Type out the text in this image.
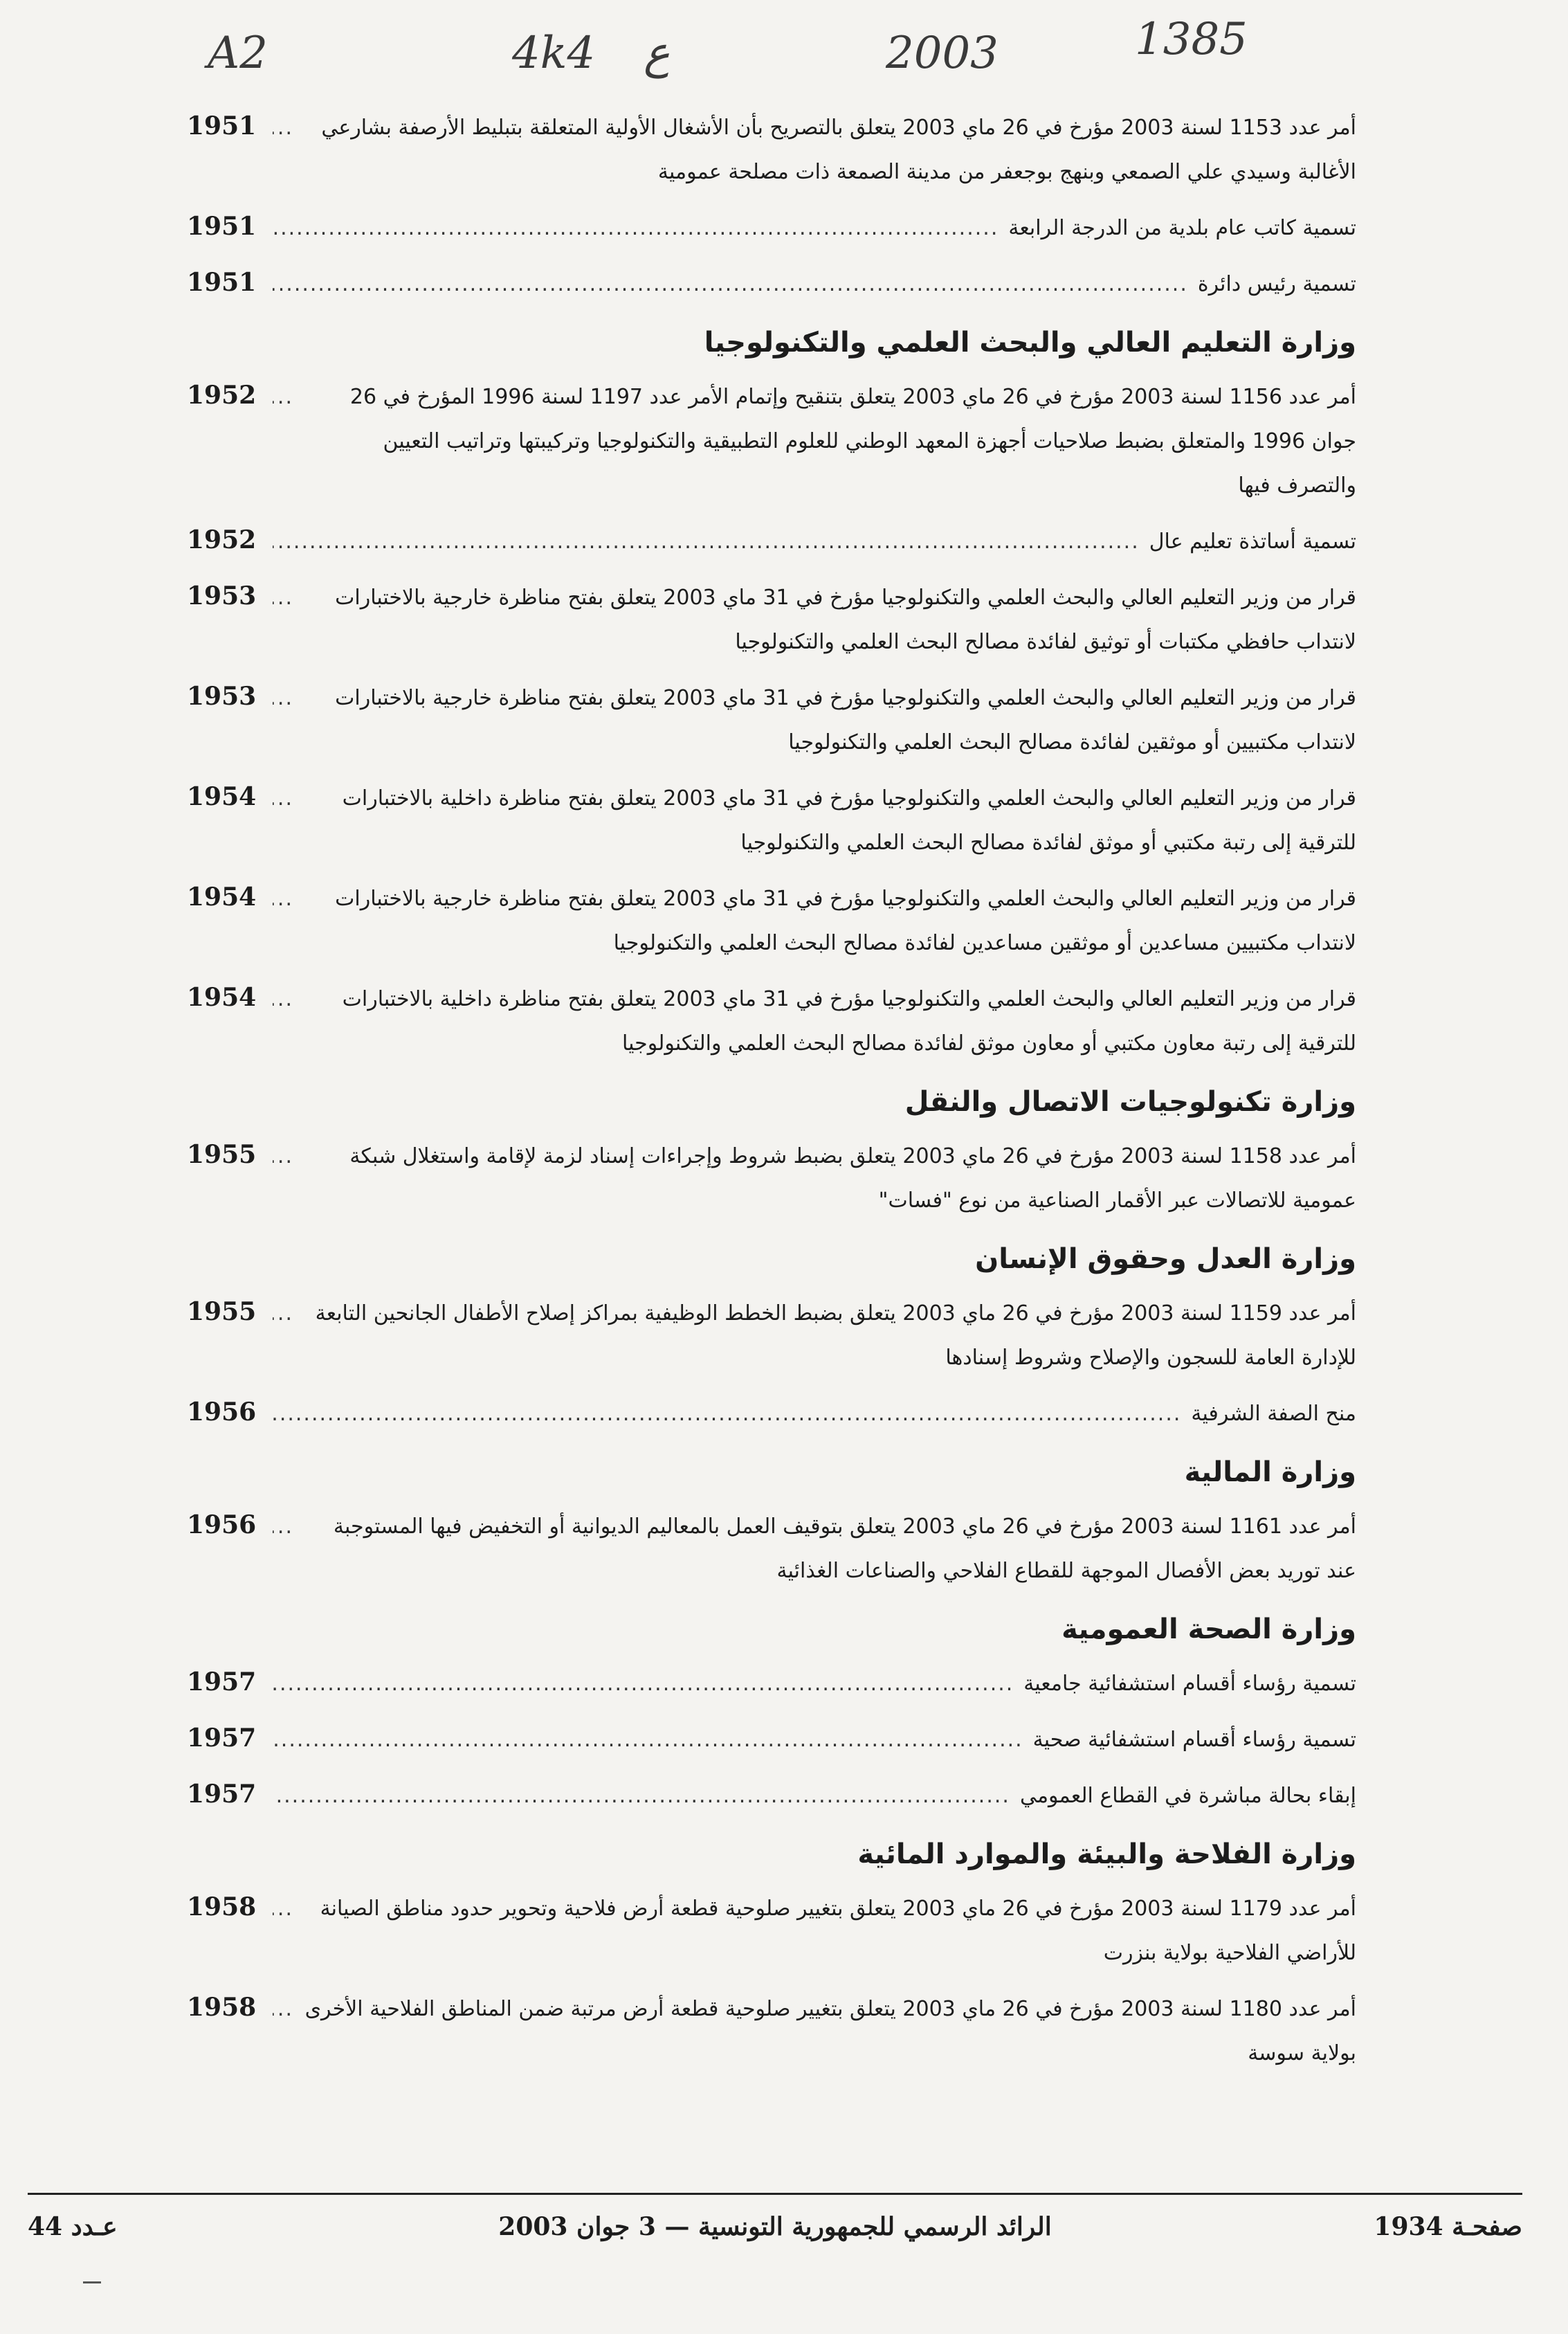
A2	4k4 ع	2003	1385
أمر عدد 1153 لسنة 2003 مؤرخ في 26 ماي 2003 يتعلق بالتصريح بأن الأشغال الأولية المتعلقة بتبليط الأرصفة بشارعي الأغالبة وسيدي علي الصمعي وبنهج بوجعفر من مدينة الصمعة ذات مصلحة عمومية
.....
1951
تسمية كاتب عام بلدية من الدرجة الرابعة
.....
1951
تسمية رئيس دائرة
.....
1951
وزارة التعليم العالي والبحث العلمي والتكنولوجيا
أمر عدد 1156 لسنة 2003 مؤرخ في 26 ماي 2003 يتعلق بتنقيح وإتمام الأمر عدد 1197 لسنة 1996 المؤرخ في 26 جوان 1996 والمتعلق بضبط صلاحيات أجهزة المعهد الوطني للعلوم التطبيقية والتكنولوجيا وتركيبتها وتراتيب التعيين والتصرف فيها
.....
1952
تسمية أساتذة تعليم عال
.....
1952
قرار من وزير التعليم العالي والبحث العلمي والتكنولوجيا مؤرخ في 31 ماي 2003 يتعلق بفتح مناظرة خارجية بالاختبارات لانتداب حافظي مكتبات أو توثيق لفائدة مصالح البحث العلمي والتكنولوجيا
.....
1953
قرار من وزير التعليم العالي والبحث العلمي والتكنولوجيا مؤرخ في 31 ماي 2003 يتعلق بفتح مناظرة خارجية بالاختبارات لانتداب مكتبيين أو موثقين لفائدة مصالح البحث العلمي والتكنولوجيا
.....
1953
قرار من وزير التعليم العالي والبحث العلمي والتكنولوجيا مؤرخ في 31 ماي 2003 يتعلق بفتح مناظرة داخلية بالاختبارات للترقية إلى رتبة مكتبي أو موثق لفائدة مصالح البحث العلمي والتكنولوجيا
.....
1954
قرار من وزير التعليم العالي والبحث العلمي والتكنولوجيا مؤرخ في 31 ماي 2003 يتعلق بفتح مناظرة خارجية بالاختبارات لانتداب مكتبيين مساعدين أو موثقين مساعدين لفائدة مصالح البحث العلمي والتكنولوجيا
.....
1954
قرار من وزير التعليم العالي والبحث العلمي والتكنولوجيا مؤرخ في 31 ماي 2003 يتعلق بفتح مناظرة داخلية بالاختبارات للترقية إلى رتبة معاون مكتبي أو معاون موثق لفائدة مصالح البحث العلمي والتكنولوجيا
.....
1954
وزارة تكنولوجيات الاتصال والنقل
أمر عدد 1158 لسنة 2003 مؤرخ في 26 ماي 2003 يتعلق بضبط شروط وإجراءات إسناد لزمة لإقامة واستغلال شبكة عمومية للاتصالات عبر الأقمار الصناعية من نوع "فسات"
.....
1955
وزارة العدل وحقوق الإنسان
أمر عدد 1159 لسنة 2003 مؤرخ في 26 ماي 2003 يتعلق بضبط الخطط الوظيفية بمراكز إصلاح الأطفال الجانحين التابعة للإدارة العامة للسجون والإصلاح وشروط إسنادها
.....
1955
منح الصفة الشرفية
.....
1956
وزارة المالية
أمر عدد 1161 لسنة 2003 مؤرخ في 26 ماي 2003 يتعلق بتوقيف العمل بالمعاليم الديوانية أو التخفيض فيها المستوجبة عند توريد بعض الأفصال الموجهة للقطاع الفلاحي والصناعات الغذائية
.....
1956
وزارة الصحة العمومية
تسمية رؤساء أقسام استشفائية جامعية
.....
1957
تسمية رؤساء أقسام استشفائية صحية
.....
1957
إبقاء بحالة مباشرة في القطاع العمومي
.....
1957
وزارة الفلاحة والبيئة والموارد المائية
أمر عدد 1179 لسنة 2003 مؤرخ في 26 ماي 2003 يتعلق بتغيير صلوحية قطعة أرض فلاحية وتحوير حدود مناطق الصيانة للأراضي الفلاحية بولاية بنزرت
.....
1958
أمر عدد 1180 لسنة 2003 مؤرخ في 26 ماي 2003 يتعلق بتغيير صلوحية قطعة أرض مرتبة ضمن المناطق الفلاحية الأخرى بولاية سوسة
.....
1958
صفحـة 1934
الرائد الرسمي للجمهورية التونسية — 3 جوان 2003
عـدد 44
